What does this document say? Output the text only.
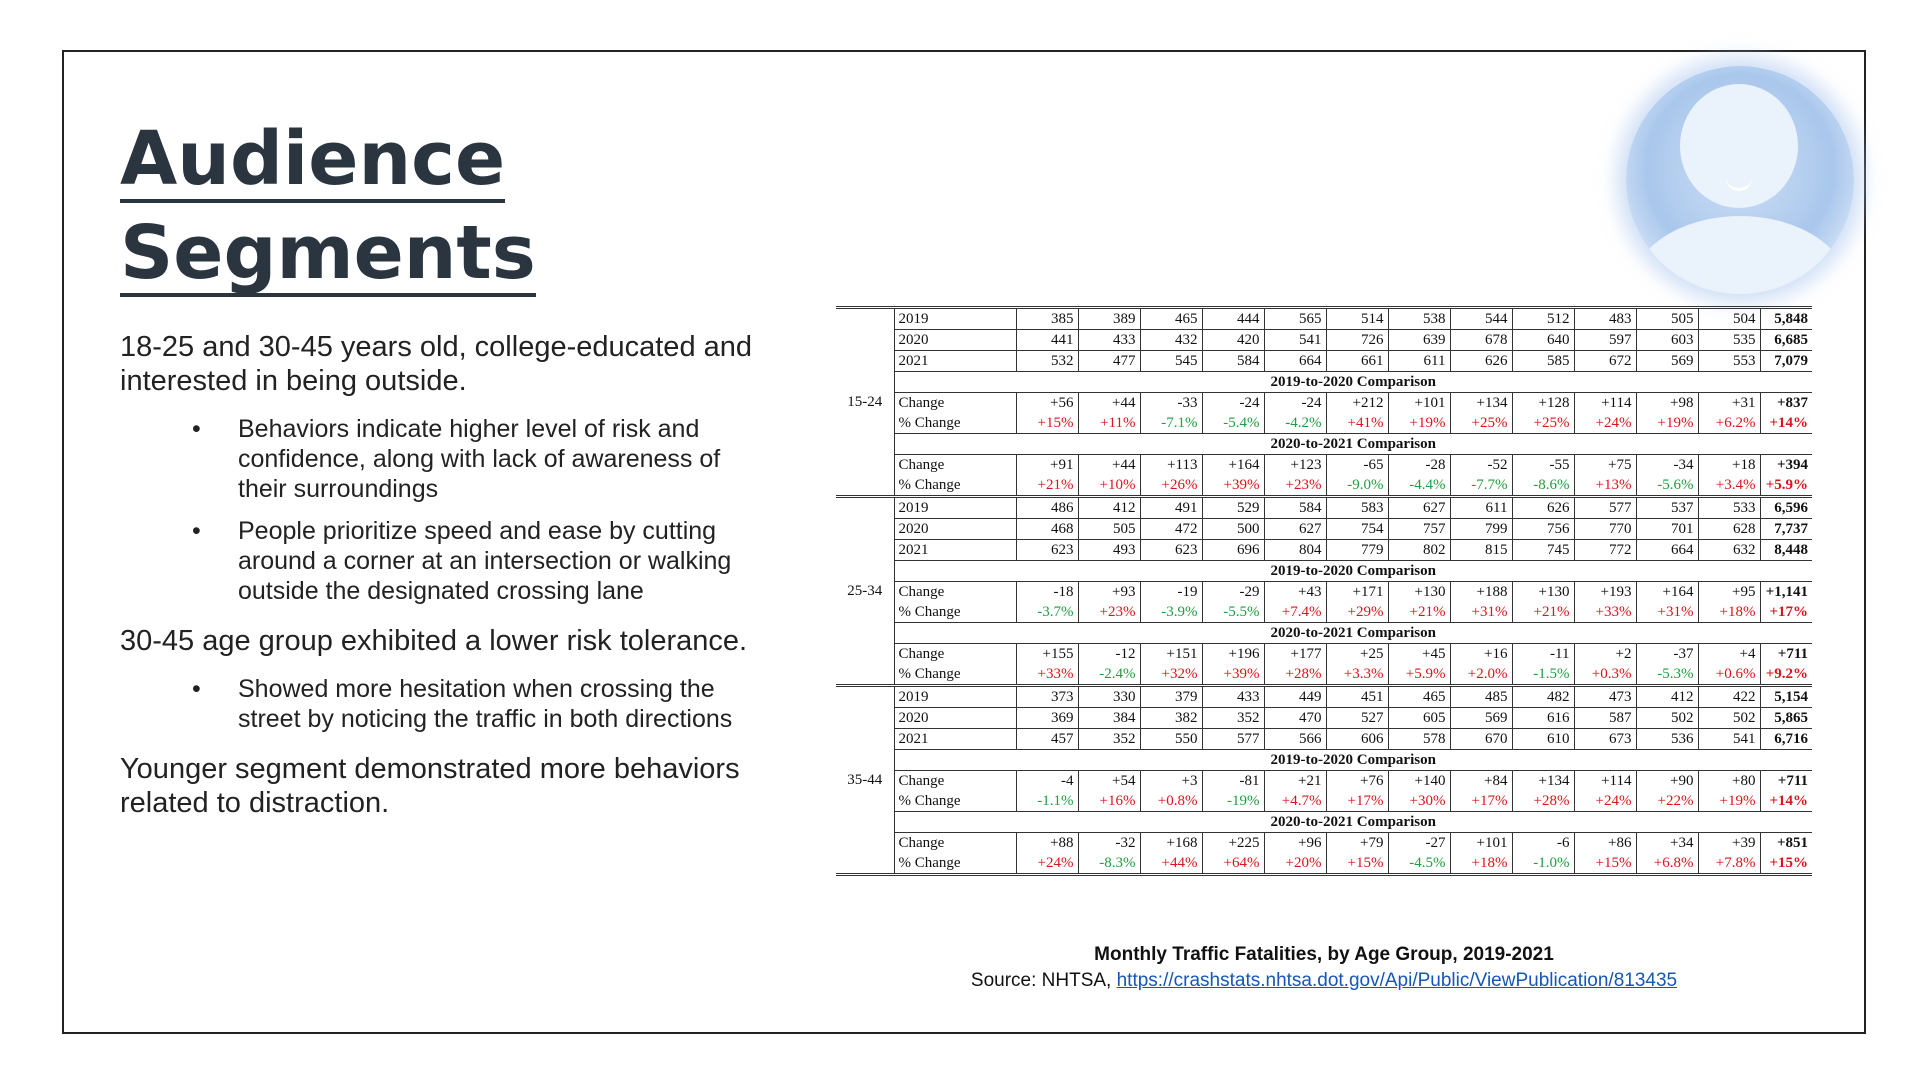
Audience
Segments

18-25 and 30-45 years old, college-educated and interested in being outside.

• Behaviors indicate higher level of risk and confidence, along with lack of awareness of their surroundings
• People prioritize speed and ease by cutting around a corner at an intersection or walking outside the designated crossing lane

30-45 age group exhibited a lower risk tolerance.

• Showed more hesitation when crossing the street by noticing the traffic in both directions

Younger segment demonstrated more behaviors related to distraction.

15-24	2019	385	389	465	444	565	514	538	544	512	483	505	504	5,848
	2020	441	433	432	420	541	726	639	678	640	597	603	535	6,685
	2021	532	477	545	584	664	661	611	626	585	672	569	553	7,079
	2019-to-2020 Comparison													
	Change	+56	+44	-33	-24	-24	+212	+101	+134	+128	+114	+98	+31	+837
	% Change	+15%	+11%	-7.1%	-5.4%	-4.2%	+41%	+19%	+25%	+25%	+24%	+19%	+6.2%	+14%
	2020-to-2021 Comparison													
	Change	+91	+44	+113	+164	+123	-65	-28	-52	-55	+75	-34	+18	+394
	% Change	+21%	+10%	+26%	+39%	+23%	-9.0%	-4.4%	-7.7%	-8.6%	+13%	-5.6%	+3.4%	+5.9%
25-34	2019	486	412	491	529	584	583	627	611	626	577	537	533	6,596
	2020	468	505	472	500	627	754	757	799	756	770	701	628	7,737
	2021	623	493	623	696	804	779	802	815	745	772	664	632	8,448
	2019-to-2020 Comparison													
	Change	-18	+93	-19	-29	+43	+171	+130	+188	+130	+193	+164	+95	+1,141
	% Change	-3.7%	+23%	-3.9%	-5.5%	+7.4%	+29%	+21%	+31%	+21%	+33%	+31%	+18%	+17%
	2020-to-2021 Comparison													
	Change	+155	-12	+151	+196	+177	+25	+45	+16	-11	+2	-37	+4	+711
	% Change	+33%	-2.4%	+32%	+39%	+28%	+3.3%	+5.9%	+2.0%	-1.5%	+0.3%	-5.3%	+0.6%	+9.2%
35-44	2019	373	330	379	433	449	451	465	485	482	473	412	422	5,154
	2020	369	384	382	352	470	527	605	569	616	587	502	502	5,865
	2021	457	352	550	577	566	606	578	670	610	673	536	541	6,716
	2019-to-2020 Comparison													
	Change	-4	+54	+3	-81	+21	+76	+140	+84	+134	+114	+90	+80	+711
	% Change	-1.1%	+16%	+0.8%	-19%	+4.7%	+17%	+30%	+17%	+28%	+24%	+22%	+19%	+14%
	2020-to-2021 Comparison													
	Change	+88	-32	+168	+225	+96	+79	-27	+101	-6	+86	+34	+39	+851
	% Change	+24%	-8.3%	+44%	+64%	+20%	+15%	-4.5%	+18%	-1.0%	+15%	+6.8%	+7.8%	+15%
Monthly Traffic Fatalities, by Age Group, 2019-2021
Source: NHTSA, https://crashstats.nhtsa.dot.gov/Api/Public/ViewPublication/813435
